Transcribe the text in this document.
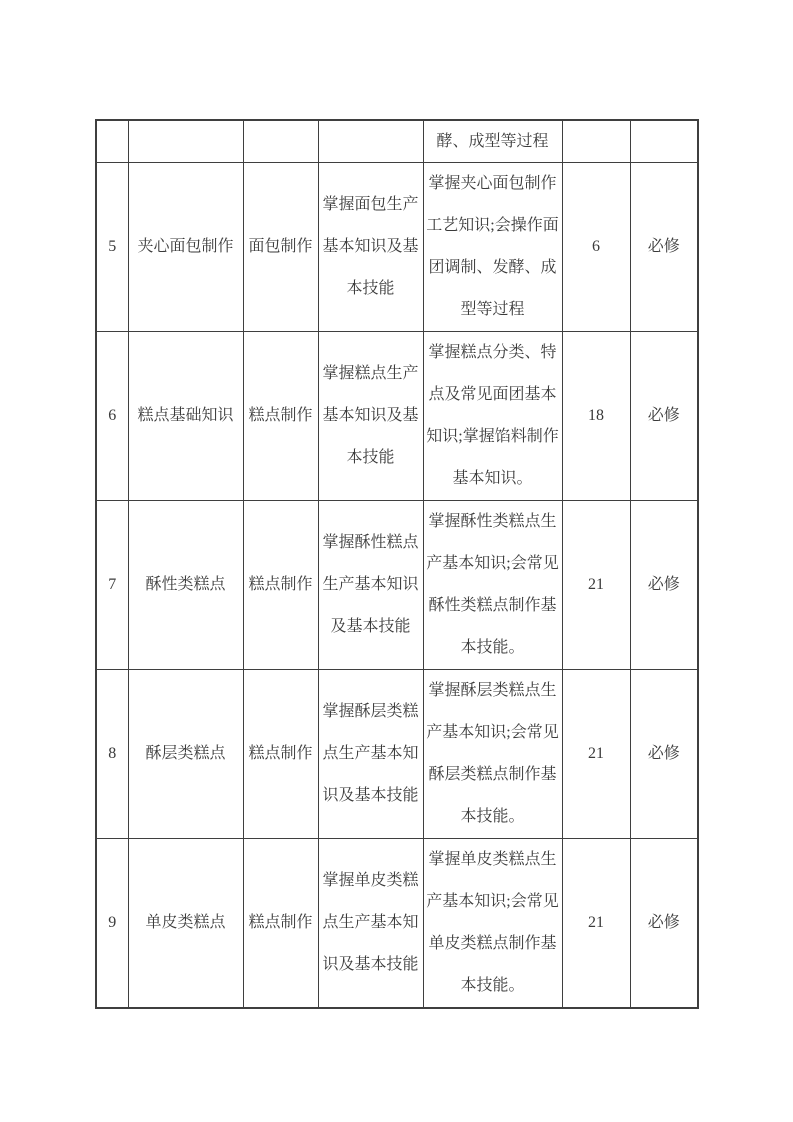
				酵、成型等过程		
5	夹心面包制作	面包制作	掌握面包生产基本知识及基本技能	掌握夹心面包制作工艺知识;会操作面团调制、发酵、成型等过程	6	必修
6	糕点基础知识	糕点制作	掌握糕点生产基本知识及基本技能	掌握糕点分类、特点及常见面团基本知识;掌握馅料制作基本知识。	18	必修
7	酥性类糕点	糕点制作	掌握酥性糕点生产基本知识及基本技能	掌握酥性类糕点生产基本知识;会常见酥性类糕点制作基本技能。	21	必修
8	酥层类糕点	糕点制作	掌握酥层类糕点生产基本知识及基本技能	掌握酥层类糕点生产基本知识;会常见酥层类糕点制作基本技能。	21	必修
9	单皮类糕点	糕点制作	掌握单皮类糕点生产基本知识及基本技能	掌握单皮类糕点生产基本知识;会常见单皮类糕点制作基本技能。	21	必修
